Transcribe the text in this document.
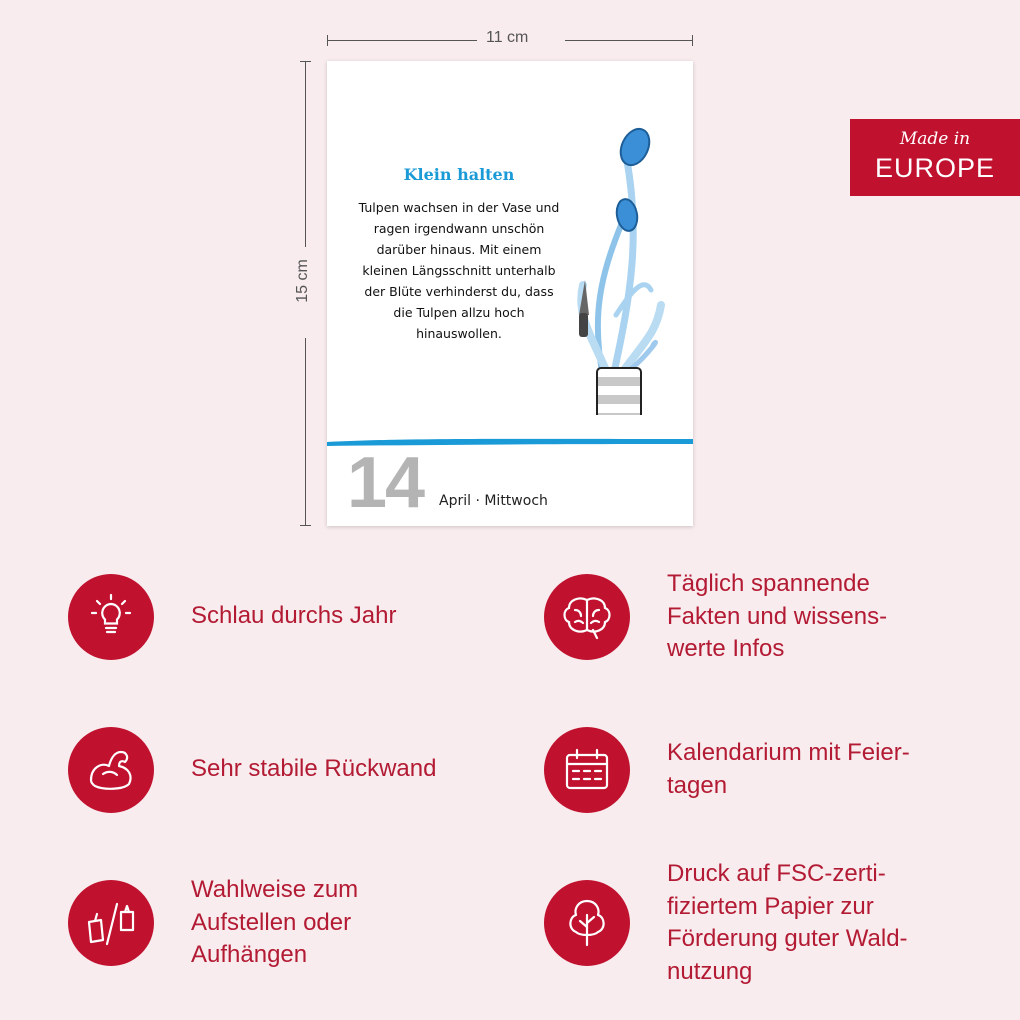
11 cm
15 cm
Klein halten
Tulpen wachsen in der Vase und
ragen irgendwann unschön
darüber hinaus. Mit einem
kleinen Längsschnitt unterhalb
der Blüte verhinderst du, dass
die Tulpen allzu hoch
hinauswollen.
14 April · Mittwoch
Made in
EUROPE
Schlau durchs Jahr
Täglich spannende
Fakten und wissens-
werte Infos
Sehr stabile Rückwand
Kalendarium mit Feier-
tagen
Wahlweise zum
Aufstellen oder
Aufhängen
Druck auf FSC-zerti-
fiziertem Papier zur
Förderung guter Wald-
nutzung
